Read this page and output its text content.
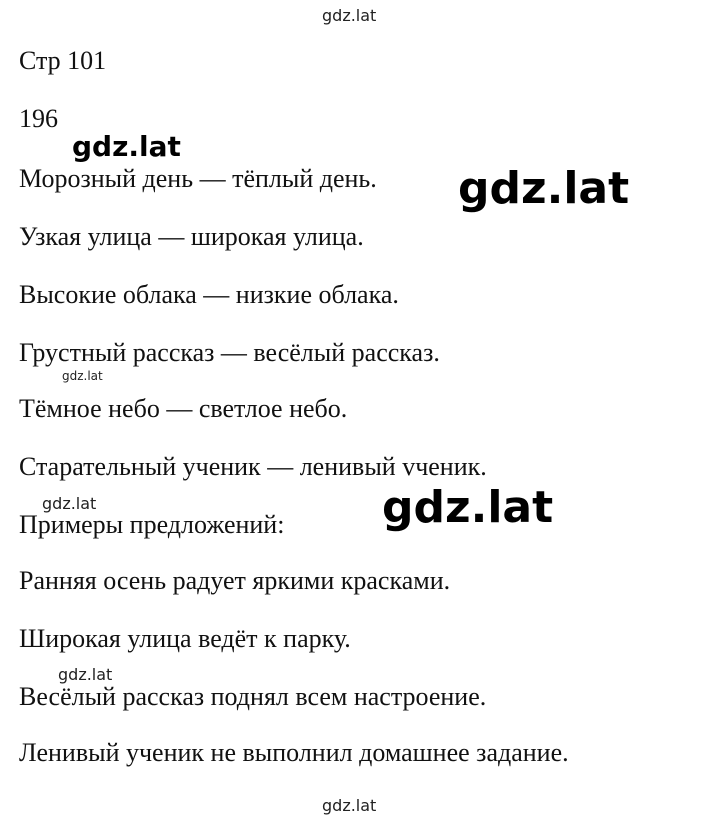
gdz.lat
gdz.lat
gdz.lat
gdz.lat
gdz.lat	gdz.lat
gdz.lat
gdz.lat
Стр 101
196
Морозный день — тёплый день.
Узкая улица — широкая улица.
Высокие облака — низкие облака.
Грустный рассказ — весёлый рассказ.
Тёмное небо — светлое небо.
Старательный ученик — ленивый vченик.
Примеры предложений:
Ранняя осень радует яркими красками.
Широкая улица ведёт к парку.
Весёлый рассказ поднял всем настроение.
Ленивый ученик не выполнил домашнее задание.
